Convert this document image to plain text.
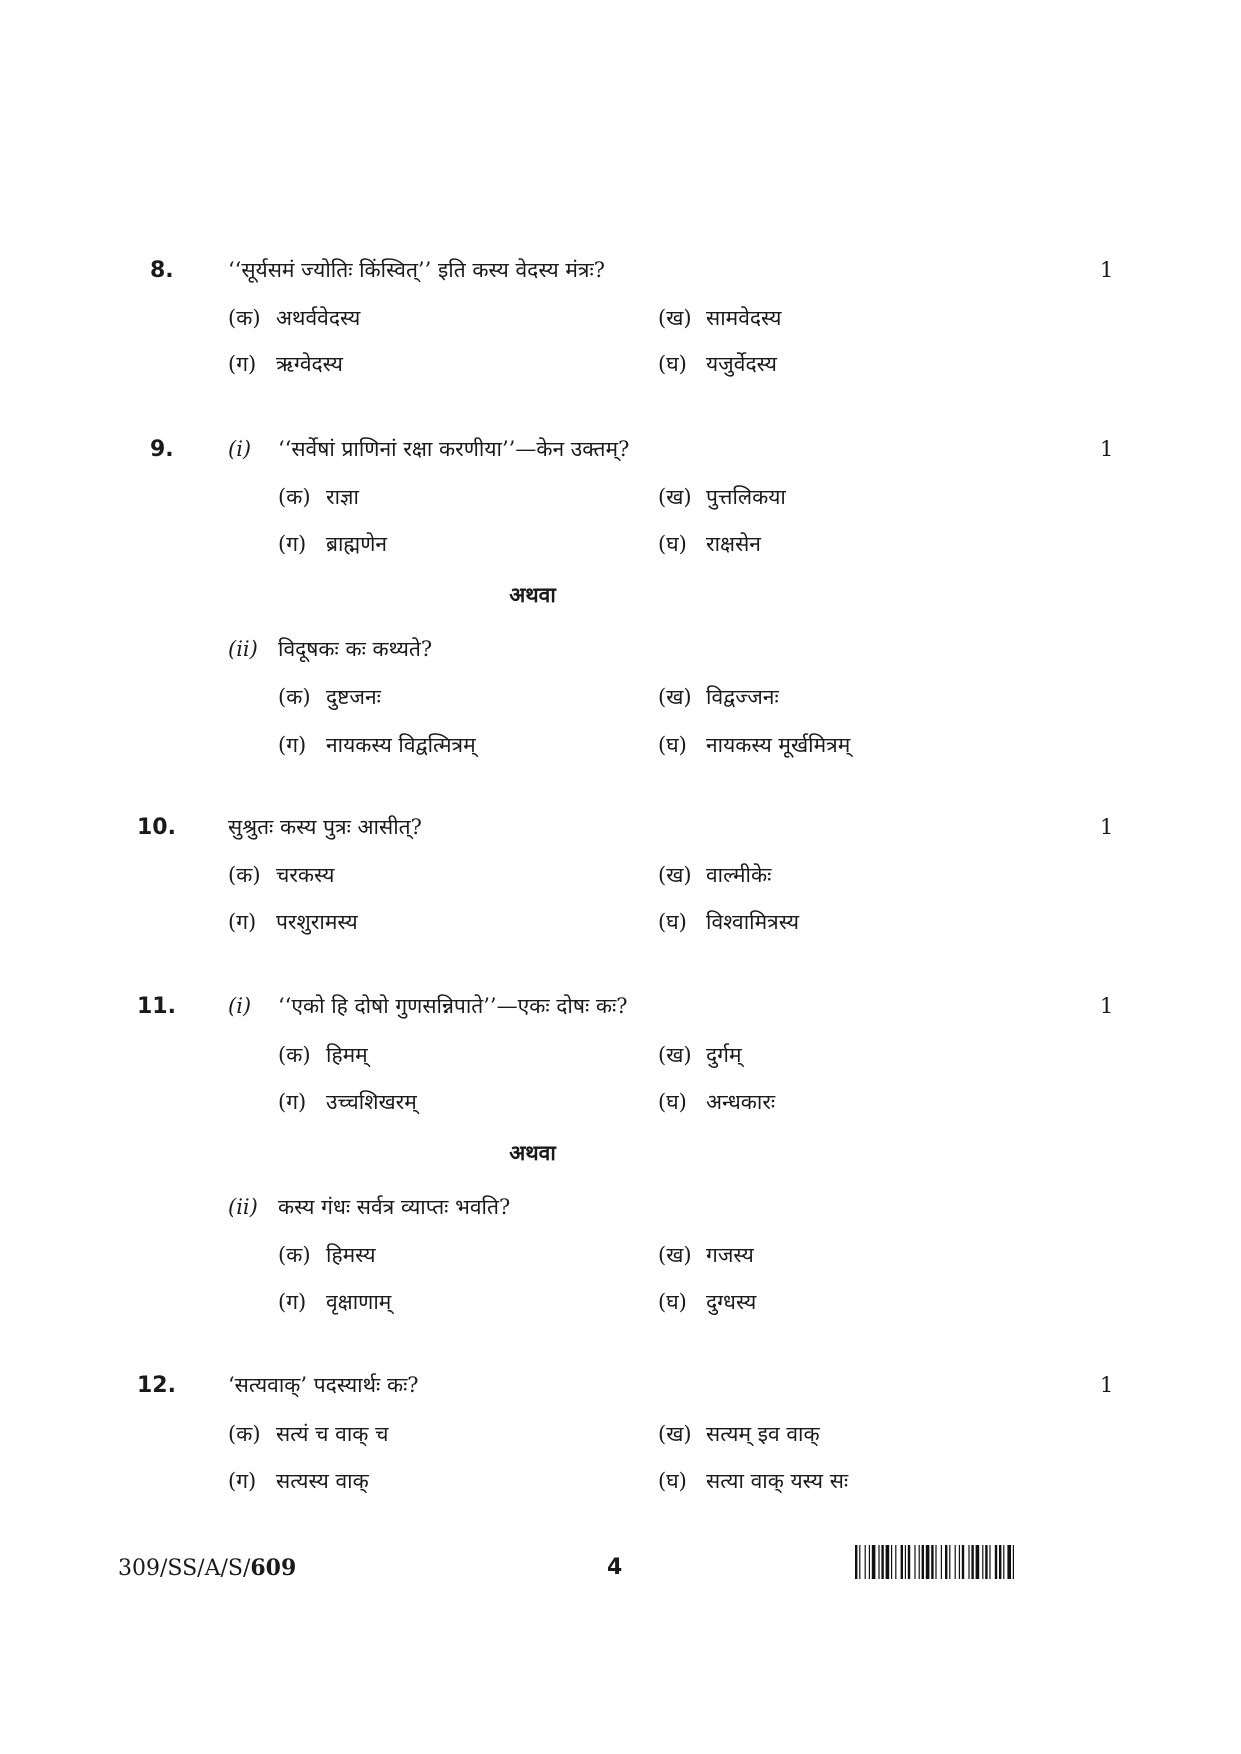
8.	‘‘सूर्यसमं ज्योतिः किंस्वित्’’ इति कस्य वेदस्य मंत्रः?	1
(क) अथर्ववेदस्य	(ख) सामवेदस्य
(ग) ऋग्वेदस्य	(घ) यजुर्वेदस्य
9.	(i) ‘‘सर्वेषां प्राणिनां रक्षा करणीया’’—केन उक्तम्?	1
(क) राज्ञा	(ख) पुत्तलिकया
(ग) ब्राह्मणेन	(घ) राक्षसेन
अथवा
(ii) विदूषकः कः कथ्यते?
(क) दुष्टजनः	(ख) विद्वज्जनः
(ग) नायकस्य विद्वत्मित्रम्	(घ) नायकस्य मूर्खमित्रम्
10. सुश्रुतः कस्य पुत्रः आसीत्?	1
(क) चरकस्य	(ख) वाल्मीकेः
(ग) परशुरामस्य	(घ) विश्वामित्रस्य
11. (i) ‘‘एको हि दोषो गुणसन्निपाते’’—एकः दोषः कः?	1
(क) हिमम्	(ख) दुर्गम्
(ग) उच्चशिखरम्	(घ) अन्धकारः
अथवा
(ii) कस्य गंधः सर्वत्र व्याप्तः भवति?
(क) हिमस्य	(ख) गजस्य
(ग) वृक्षाणाम्	(घ) दुग्धस्य
12. ‘सत्यवाक्’ पदस्यार्थः कः?	1
(क) सत्यं च वाक् च	(ख) सत्यम् इव वाक्
(ग) सत्यस्य वाक्	(घ) सत्या वाक् यस्य सः
309/SS/A/S/609	4
